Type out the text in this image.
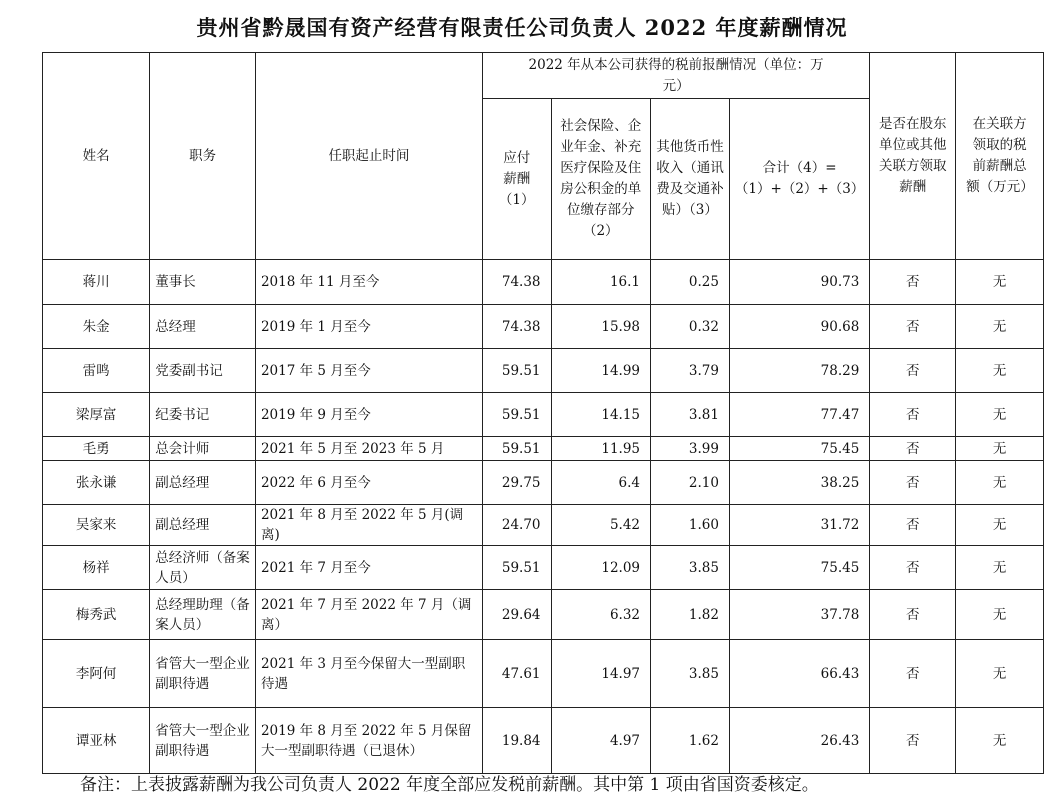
贵州省黔晟国有资产经营有限责任公司负责人 2022 年度薪酬情况
姓名	职务	任职起止时间	2022 年从本公司获得的税前报酬情况（单位：万元）				是否在股东单位或其他关联方领取薪酬	在关联方领取的税前薪酬总额（万元）
			应付薪酬（1）	社会保险、企业年金、补充医疗保险及住房公积金的单位缴存部分（2）	其他货币性收入（通讯费及交通补贴）（3）	合计（4）=（1）+（2）+（3）		
蒋川	董事长	2018 年 11 月至今	74.38	16.1	0.25	90.73	否	无
朱金	总经理	2019 年 1 月至今	74.38	15.98	0.32	90.68	否	无
雷鸣	党委副书记	2017 年 5 月至今	59.51	14.99	3.79	78.29	否	无
梁厚富	纪委书记	2019 年 9 月至今	59.51	14.15	3.81	77.47	否	无
毛勇	总会计师	2021 年 5 月至 2023 年 5 月	59.51	11.95	3.99	75.45	否	无
张永谦	副总经理	2022 年 6 月至今	29.75	6.4	2.10	38.25	否	无
吴家来	副总经理	2021 年 8 月至 2022 年 5 月(调离)	24.70	5.42	1.60	31.72	否	无
杨祥	总经济师（备案人员）	2021 年 7 月至今	59.51	12.09	3.85	75.45	否	无
梅秀武	总经理助理（备案人员）	2021 年 7 月至 2022 年 7 月（调离）	29.64	6.32	1.82	37.78	否	无
李阿何	省管大一型企业副职待遇	2021 年 3 月至今保留大一型副职待遇	47.61	14.97	3.85	66.43	否	无
谭亚林	省管大一型企业副职待遇	2019 年 8 月至 2022 年 5 月保留大一型副职待遇（已退休）	19.84	4.97	1.62	26.43	否	无
备注：上表披露薪酬为我公司负责人 2022 年度全部应发税前薪酬。其中第 1 项由省国资委核定。
